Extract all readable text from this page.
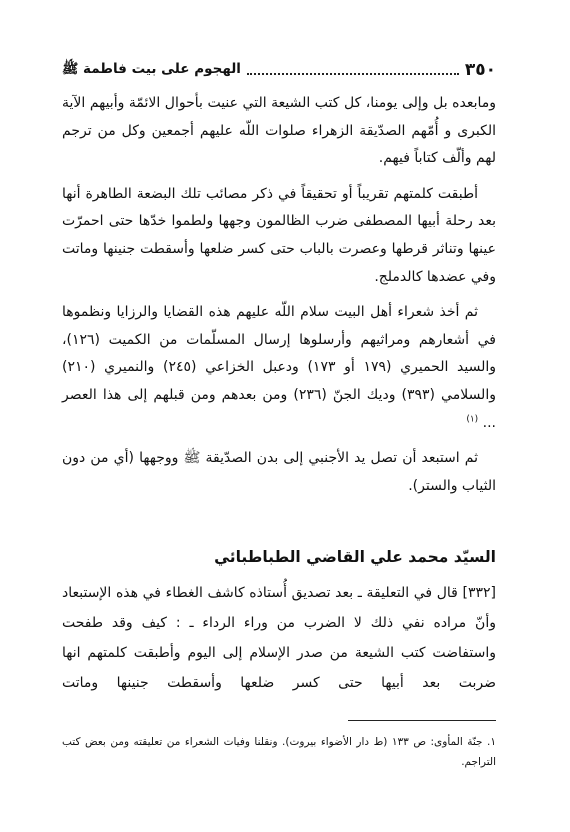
٣٥٠
الهجوم على بيت فاطمة ﷺ

ومابعده بل وإلى يومنا، كل كتب الشيعة التي عنيت بأحوال الائمّة وأبيهم الآية الكبرى و أُمّهم الصدّيقة الزهراء صلوات اللّه عليهم أجمعين وكل من ترجم لهم وألّف كتاباً فيهم.

أطبقت كلمتهم تقريباً أو تحقيقاً في ذكر مصائب تلك البضعة الطاهرة أنها بعد رحلة أبيها المصطفى ضرب الظالمون وجهها ولطموا خدّها حتى احمرّت عينها وتناثر قرطها وعصرت بالباب حتى كسر ضلعها وأسقطت جنينها وماتت وفي عضدها كالدملج.

ثم أخذ شعراء أهل البيت سلام اللّه عليهم هذه القضايا والرزايا ونظموها في أشعارهم ومراثيهم وأرسلوها إرسال المسلّمات من الكميت (١٢٦)، والسيد الحميري (١٧٩ أو ١٧٣) ودعبل الخزاعي (٢٤٥) والنميري (٢١٠) والسلامي (٣٩٣) وديك الجنّ (٢٣٦) ومن بعدهم ومن قبلهم إلى هذا العصر ... $^{(١)}$

ثم استبعد أن تصل يد الأجنبي إلى بدن الصدّيقة ﷺ ووجهها (أي من دون الثياب والستر).

السيّد محمد علي القاضي الطباطبائي
[٣٣٢] قال في التعليقة ـ بعد تصديق أُستاذه كاشف الغطاء في هذه الإستبعاد وأنّ مراده نفي ذلك لا الضرب من وراء الرداء ـ : كيف وقد طفحت واستفاضت كتب الشيعة من صدر الإسلام إلى اليوم وأطبقت كلمتهم انها ضربت بعد أبيها حتى كسر ضلعها وأسقطت جنينها وماتت
١. جنّة المأوى: ص ١٣٣ (ط دار الأضواء بيروت). ونقلنا وفيات الشعراء من تعليقته ومن بعض كتب التراجم.
